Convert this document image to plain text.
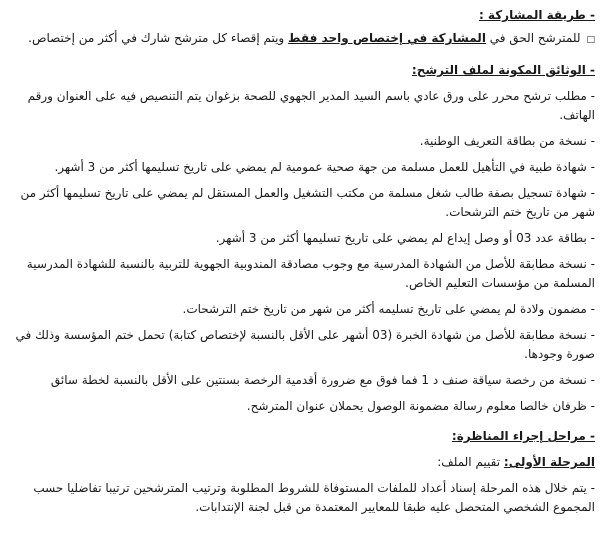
- طريقة المشاركة :

□للمترشح الحق في المشاركة في إختصاص واحد فقط ويتم إقصاء كل مترشح شارك في أكثر من إختصاص.

- الوثائق المكونة لملف الترشح:

- مطلب ترشح محرر على ورق عادي باسم السيد المدير الجهوي للصحة بزغوان يتم التنصيص فيه على العنوان ورقم الهاتف.

- نسخة من بطاقة التعريف الوطنية.

- شهادة طبية في التأهيل للعمل مسلمة من جهة صحية عمومية لم يمضي على تاريخ تسليمها أكثر من 3 أشهر.

- شهادة تسجيل بصفة طالب شغل مسلمة من مكتب التشغيل والعمل المستقل لم يمضي على تاريخ تسليمها أكثر من شهر من تاريخ ختم الترشحات.

- بطاقة عدد 03 أو وصل إيداع لم يمضي على تاريخ تسليمها أكثر من 3 أشهر.

- نسخة مطابقة للأصل من الشهادة المدرسية مع وجوب مصادقة المندوبية الجهوية للتربية بالنسبة للشهادة المدرسية المسلمة من مؤسسات التعليم الخاص.

- مضمون ولادة لم يمضي على تاريخ تسليمه أكثر من شهر من تاريخ ختم الترشحات.

- نسخة مطابقة للأصل من شهادة الخبرة (03 أشهر على الأقل بالنسبة لإختصاص كتابة) تحمل ختم المؤسسة وذلك في صورة وجودها.

- نسخة من رخصة سياقة صنف د 1 فما فوق مع ضرورة أقدمية الرخصة بسنتين على الأقل بالنسبة لخطة سائق

- ظرفان خالصا معلوم رسالة مضمونة الوصول يحملان عنوان المترشح.

- مراحل إجراء المناظرة:

المرحلة الأولى: تقييم الملف:

- يتم خلال هذه المرحلة إسناد أعداد للملفات المستوفاة للشروط المطلوبة وترتيب المترشحين ترتيبا تفاضليا حسب المجموع الشخصي المتحصل عليه طبقا للمعايير المعتمدة من قبل لجنة الإنتدابات.
